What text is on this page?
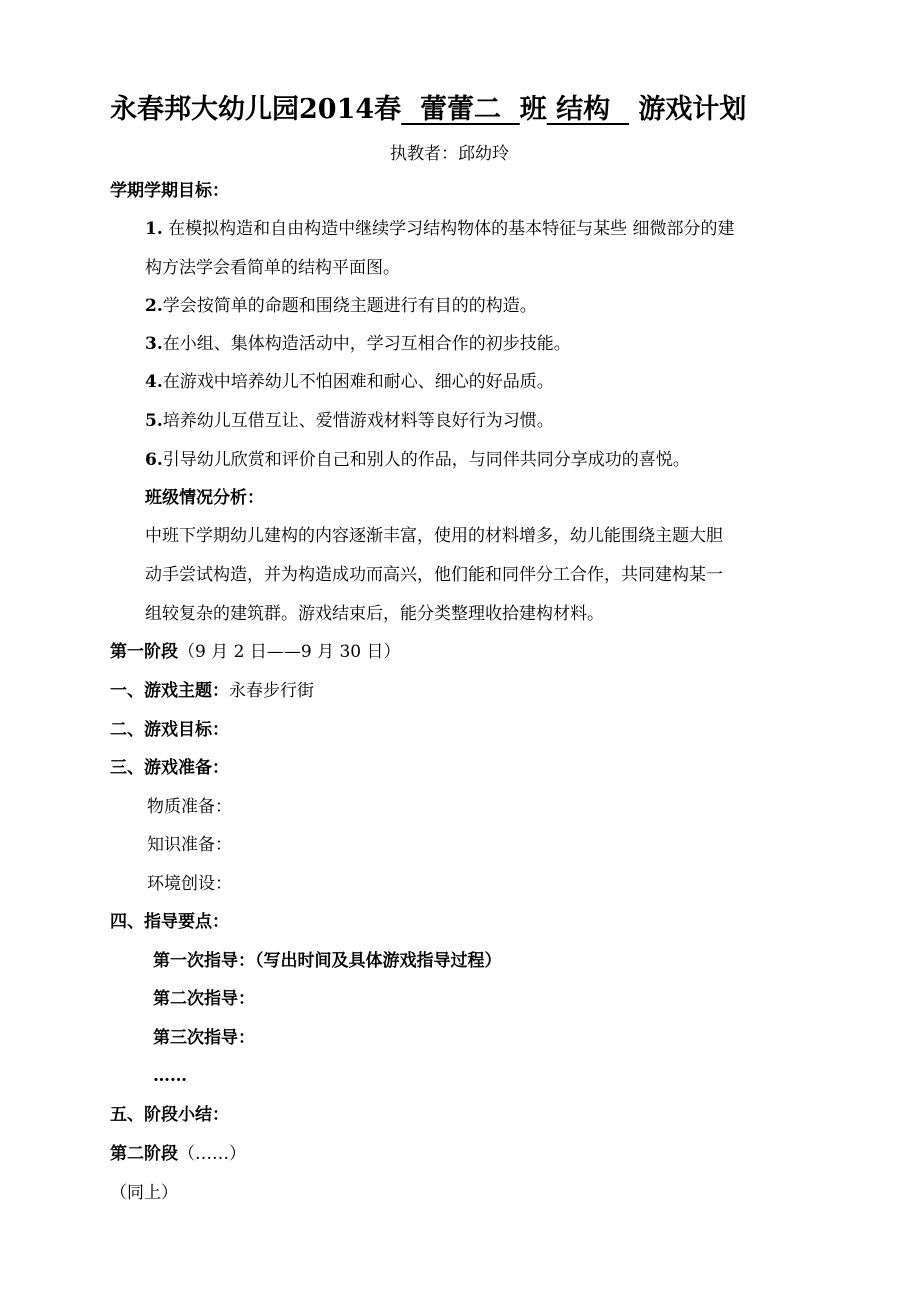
永春邦大幼儿园2014春  蕾蕾二  班 结构   游戏计划
执教者：邱幼玲
学期学期目标：
1. 在模拟构造和自由构造中继续学习结构物体的基本特征与某些 细微部分的建
构方法学会看简单的结构平面图。
2.学会按简单的命题和围绕主题进行有目的的构造。
3.在小组、集体构造活动中，学习互相合作的初步技能。
4.在游戏中培养幼儿不怕困难和耐心、细心的好品质。
5.培养幼儿互借互让、爱惜游戏材料等良好行为习惯。
6.引导幼儿欣赏和评价自己和别人的作品，与同伴共同分享成功的喜悦。
班级情况分析：
中班下学期幼儿建构的内容逐渐丰富，使用的材料增多，幼儿能围绕主题大胆
动手尝试构造，并为构造成功而高兴，他们能和同伴分工合作，共同建构某一
组较复杂的建筑群。游戏结束后，能分类整理收拾建构材料。
第一阶段（9 月 2 日——9 月 30 日）
一、游戏主题：永春步行街
二、游戏目标：
三、游戏准备：
物质准备：
知识准备：
环境创设：
四、指导要点：
第一次指导：（写出时间及具体游戏指导过程）
第二次指导：
第三次指导：
……
五、阶段小结：
第二阶段（……）
（同上）
